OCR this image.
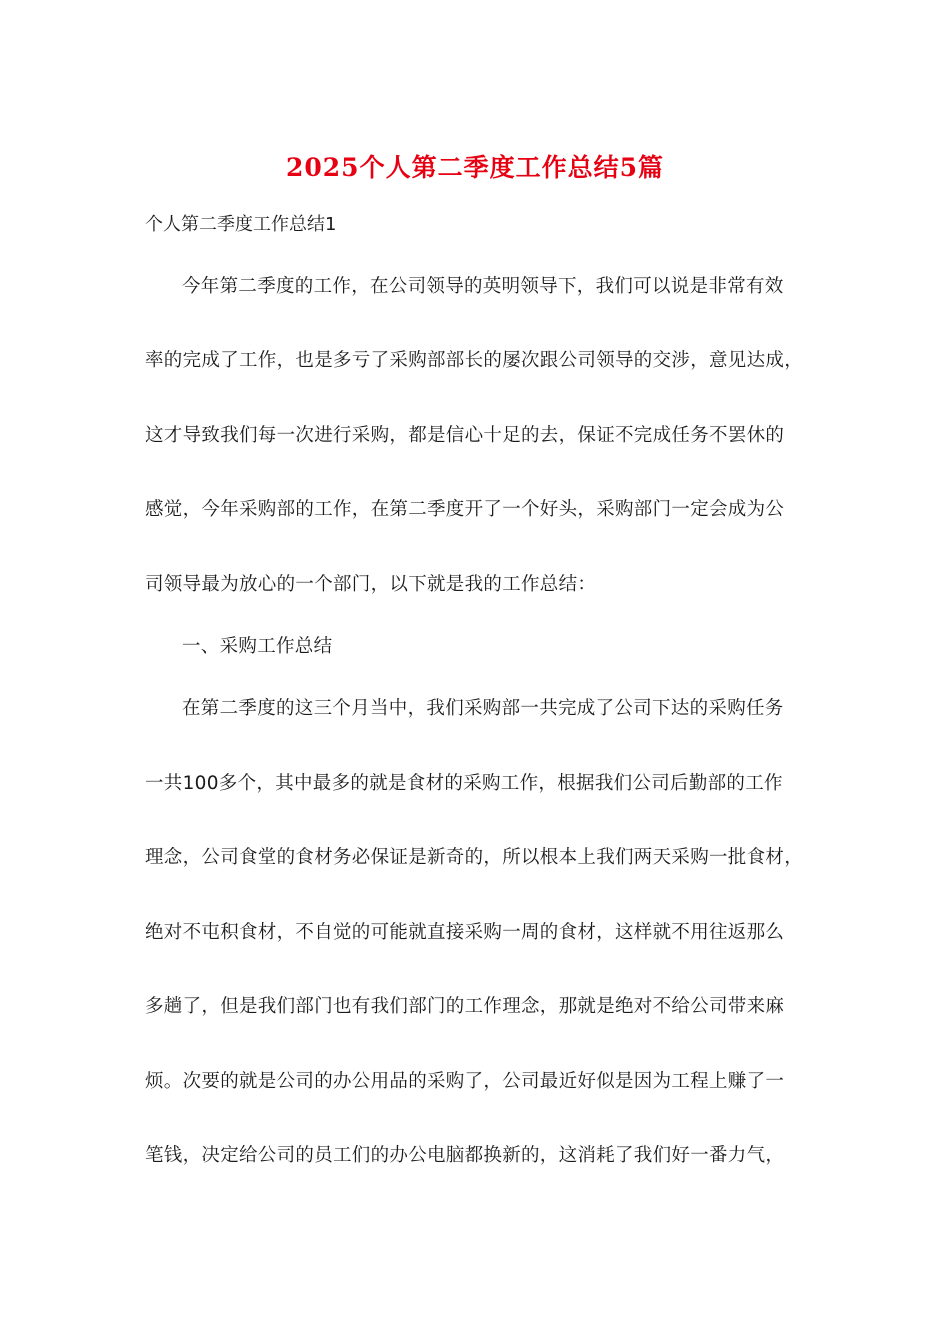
2025个人第二季度工作总结5篇
个人第二季度工作总结1
今年第二季度的工作，在公司领导的英明领导下，我们可以说是非常有效
率的完成了工作，也是多亏了采购部部长的屡次跟公司领导的交涉，意见达成，
这才导致我们每一次进行采购，都是信心十足的去，保证不完成任务不罢休的
感觉，今年采购部的工作，在第二季度开了一个好头，采购部门一定会成为公
司领导最为放心的一个部门，以下就是我的工作总结：
一、采购工作总结
在第二季度的这三个月当中，我们采购部一共完成了公司下达的采购任务
一共100多个，其中最多的就是食材的采购工作，根据我们公司后勤部的工作
理念，公司食堂的食材务必保证是新奇的，所以根本上我们两天采购一批食材，
绝对不屯积食材，不自觉的可能就直接采购一周的食材，这样就不用往返那么
多趟了，但是我们部门也有我们部门的工作理念，那就是绝对不给公司带来麻
烦。次要的就是公司的办公用品的采购了，公司最近好似是因为工程上赚了一
笔钱，决定给公司的员工们的办公电脑都换新的，这消耗了我们好一番力气，
